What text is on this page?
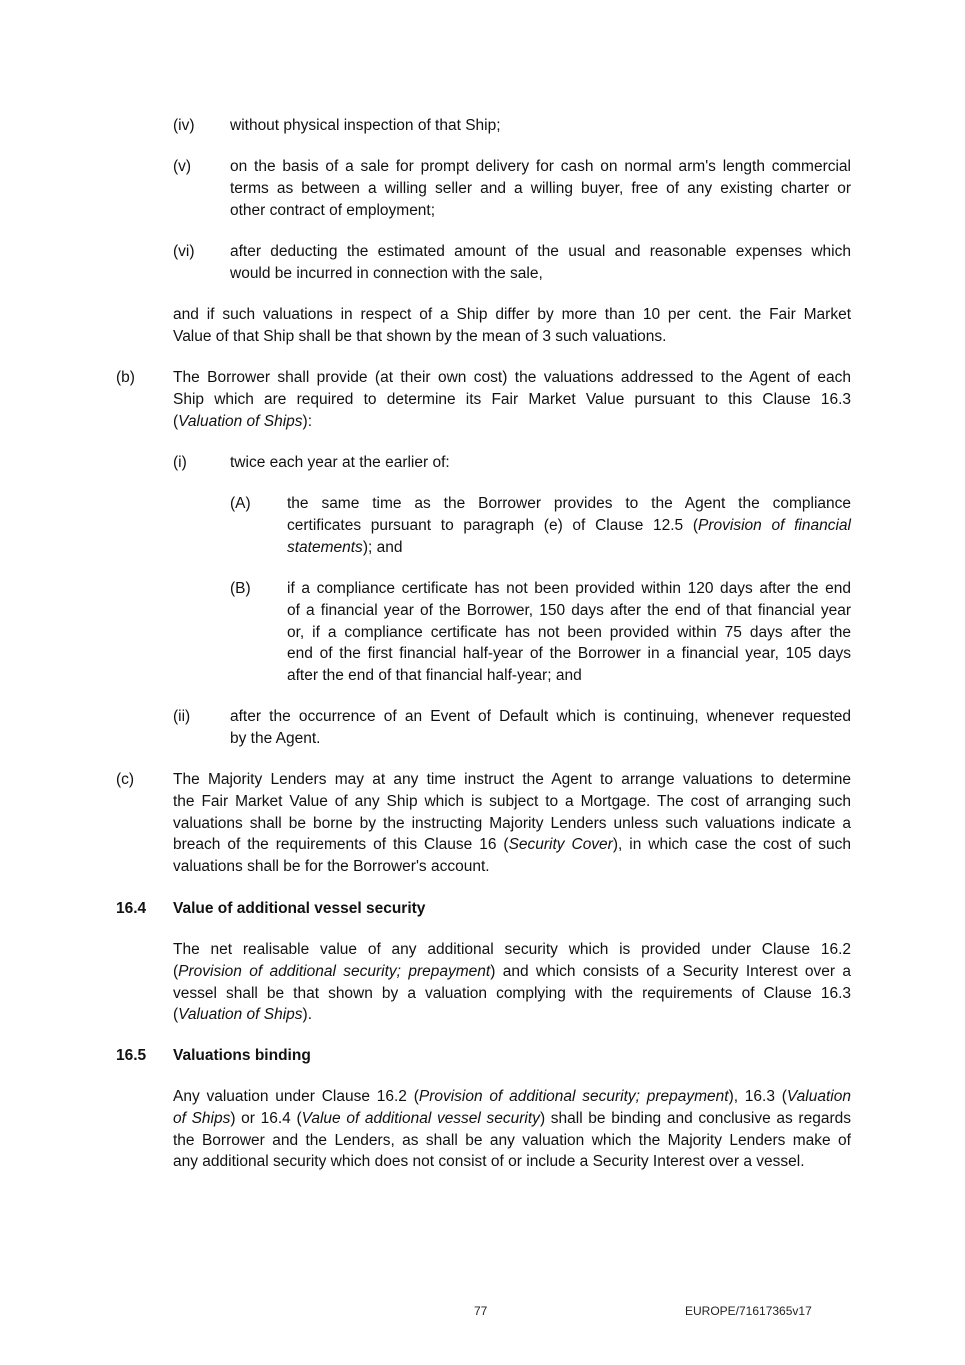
(iv) without physical inspection of that Ship;
(v)	on the basis of a sale for prompt delivery for cash on normal arm's length commercial
terms as between a willing seller and a willing buyer, free of any existing charter or
other contract of employment;
(vi) after deducting the estimated amount of the usual and reasonable expenses which
would be incurred in connection with the sale,
and if such valuations in respect of a Ship differ by more than 10 per cent. the Fair Market
Value of that Ship shall be that shown by the mean of 3 such valuations.
(b) The Borrower shall provide (at their own cost) the valuations addressed to the Agent of each
Ship which are required to determine its Fair Market Value pursuant to this Clause 16.3
(Valuation of Ships):
(i)	twice each year at the earlier of:
(A) the same time as the Borrower provides to the Agent the compliance
certificates pursuant to paragraph (e) of Clause 12.5 (Provision of financial
statements); and
(B) if a compliance certificate has not been provided within 120 days after the end
of a financial year of the Borrower, 150 days after the end of that financial year
or, if a compliance certificate has not been provided within 75 days after the
end of the first financial half-year of the Borrower in a financial year, 105 days
after the end of that financial half-year; and
(ii)	after the occurrence of an Event of Default which is continuing, whenever requested
by the Agent.
(c)	The Majority Lenders may at any time instruct the Agent to arrange valuations to determine
the Fair Market Value of any Ship which is subject to a Mortgage. The cost of arranging such
valuations shall be borne by the instructing Majority Lenders unless such valuations indicate a
breach of the requirements of this Clause 16 (Security Cover), in which case the cost of such
valuations shall be for the Borrower's account.
16.4 Value of additional vessel security
The net realisable value of any additional security which is provided under Clause 16.2
(Provision of additional security; prepayment) and which consists of a Security Interest over a
vessel shall be that shown by a valuation complying with the requirements of Clause 16.3
(Valuation of Ships).
16.5 Valuations binding
Any valuation under Clause 16.2 (Provision of additional security; prepayment), 16.3 (Valuation
of Ships) or 16.4 (Value of additional vessel security) shall be binding and conclusive as regards
the Borrower and the Lenders, as shall be any valuation which the Majority Lenders make of
any additional security which does not consist of or include a Security Interest over a vessel.
77	EUROPE/71617365v17
